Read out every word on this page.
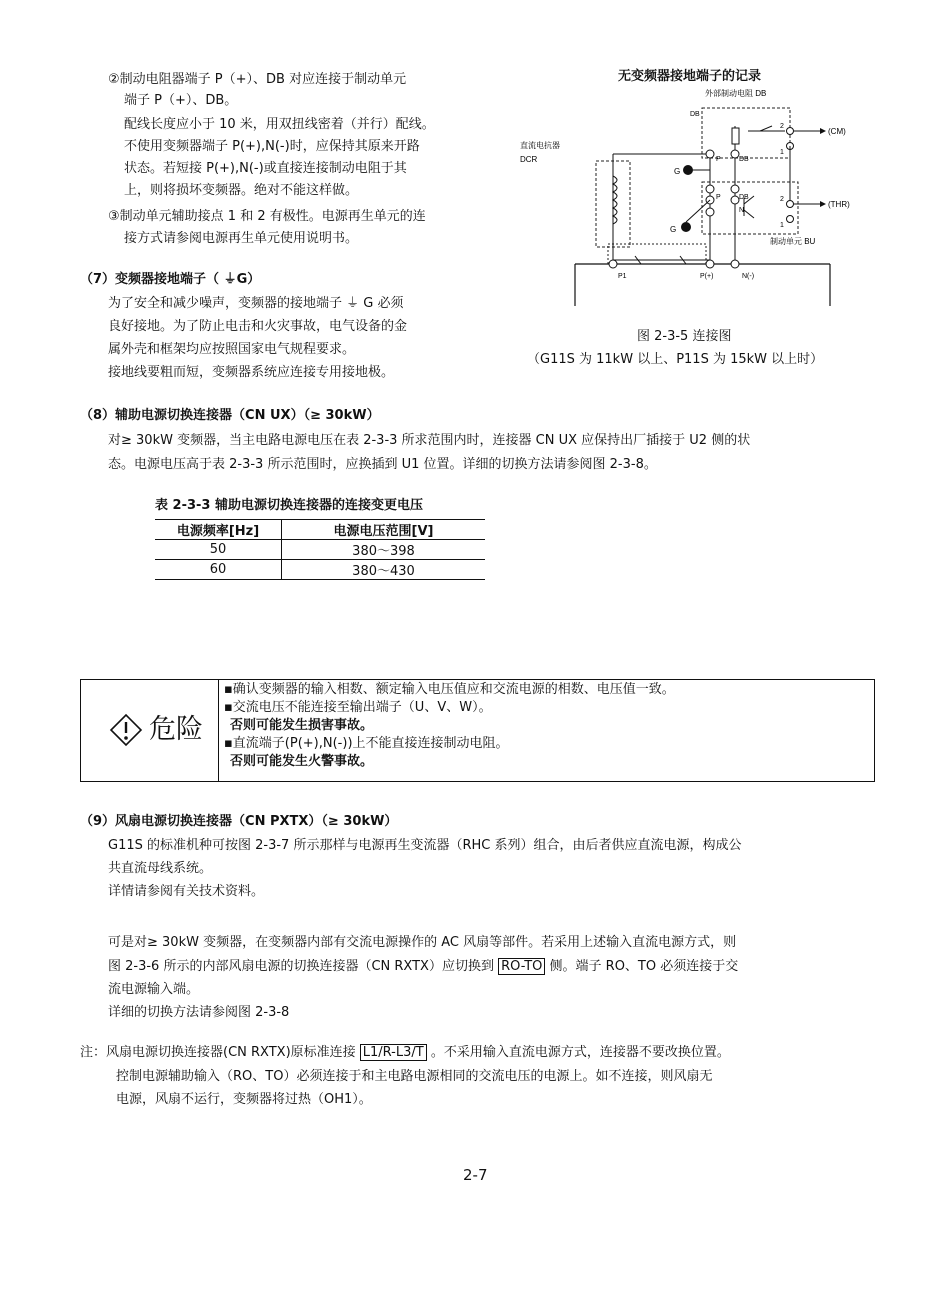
②制动电阻器端子 P（+）、DB 对应连接于制动单元
端子 P（+）、DB。
配线长度应小于 10 米，用双扭线密着（并行）配线。
不使用变频器端子 P(+),N(-)时，应保持其原来开路
状态。若短接 P(+),N(-)或直接连接制动电阻于其
上，则将损坏变频器。绝对不能这样做。
③制动单元辅助接点 1 和 2 有极性。电源再生单元的连
接方式请参阅电源再生单元使用说明书。
（7）变频器接地端子（ ⏚G）
为了安全和减少噪声，变频器的接地端子 ⏚ G 必须
良好接地。为了防止电击和火灾事故，电气设备的金
属外壳和框架均应按照国家电气规程要求。
接地线要粗而短，变频器系统应连接专用接地极。
无变频器接地端子的记录
外部制动电阻 DB
DB
直流电抗器
DCR
(CM)
(THR)
制动单元 BU
2
1
2
1
G
G
P	DB
P	DB
N
P1	P(+)	N(-)
图 2-3-5 连接图
（G11S 为 11kW 以上、P11S 为 15kW 以上时）
（8）辅助电源切换连接器（CN UX）（≥ 30kW）
对≥ 30kW 变频器，当主电路电源电压在表 2-3-3 所求范围内时，连接器 CN UX 应保持出厂插接于 U2 侧的状
态。电源电压高于表 2-3-3 所示范围时，应换插到 U1 位置。详细的切换方法请参阅图 2-3-8。
表 2-3-3 辅助电源切换连接器的连接变更电压
电源频率[Hz]	电源电压范围[V]
50	380～398
60	380～430
危险
▪确认变频器的输入相数、额定输入电压值应和交流电源的相数、电压值一致。
▪交流电压不能连接至输出端子（U、V、W）。
否则可能发生损害事故。
▪直流端子(P(+),N(-))上不能直接连接制动电阻。
否则可能发生火警事故。
（9）风扇电源切换连接器（CN PXTX）（≥ 30kW）
G11S 的标准机种可按图 2-3-7 所示那样与电源再生变流器（RHC 系列）组合，由后者供应直流电源，构成公
共直流母线系统。
详情请参阅有关技术资料。
可是对≥ 30kW 变频器，在变频器内部有交流电源操作的 AC 风扇等部件。若采用上述输入直流电源方式，则
图 2-3-6 所示的内部风扇电源的切换连接器（CN RXTX）应切换到 RO-TO 侧。端子 RO、TO 必须连接于交
流电源输入端。
详细的切换方法请参阅图 2-3-8
注：风扇电源切换连接器(CN RXTX)原标准连接 L1/R-L3/T 。不采用输入直流电源方式，连接器不要改换位置。
控制电源辅助输入（RO、TO）必须连接于和主电路电源相同的交流电压的电源上。如不连接，则风扇无
电源，风扇不运行，变频器将过热（OH1）。
2-7
